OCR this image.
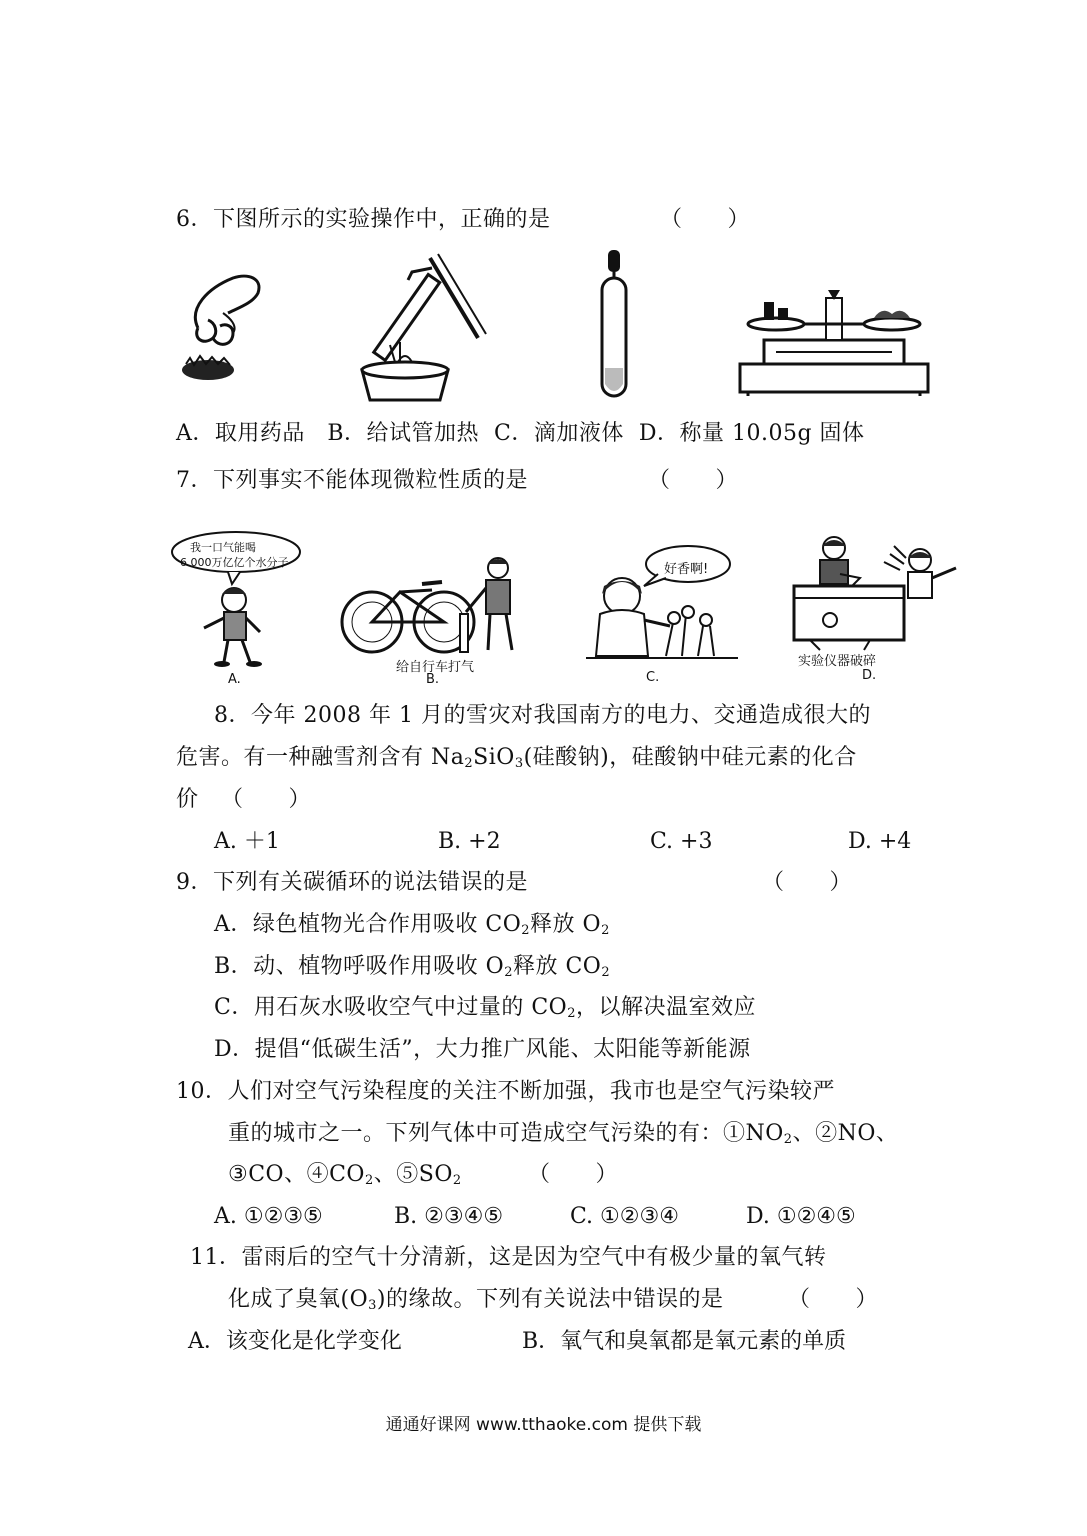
6．下图所示的实验操作中，正确的是	（      ）
A．取用药品   B．给试管加热  C．滴加液体  D．称量 10.05g 固体
7．下列事实不能体现微粒性质的是	（      ）
我一口气能喝
6 000万亿亿个水分子
A.
给自行车打气
B.
好香啊!
C.
实验仪器破碎
D.
8．今年 2008 年 1 月的雪灾对我国南方的电力、交通造成很大的
危害。有一种融雪剂含有 $Na_2SiO_3$(硅酸钠)，硅酸钠中硅元素的化合
价   （      ）
A. ＋1	B. +2	C. +3	D. +4
9．下列有关碳循环的说法错误的是	（      ）
A．绿色植物光合作用吸收 $CO_2$释放 $O_2$
B．动、植物呼吸作用吸收 $O_2$释放 $CO_2$
C．用石灰水吸收空气中过量的 $CO_2$，以解决温室效应
D．提倡“低碳生活”，大力推广风能、太阳能等新能源
10．人们对空气污染程度的关注不断加强，我市也是空气污染较严
重的城市之一。下列气体中可造成空气污染的有：$①NO_2$、②NO、
③CO、$④CO_2$、$⑤SO_2$	（      ）
A. ①②③⑤	B. ②③④⑤	C. ①②③④	D. ①②④⑤
11．雷雨后的空气十分清新，这是因为空气中有极少量的氧气转
化成了臭氧$(O_3)$的缘故。下列有关说法中错误的是	（      ）
A．该变化是化学变化	B．氧气和臭氧都是氧元素的单质
通通好课网 www.tthaoke.com 提供下载
